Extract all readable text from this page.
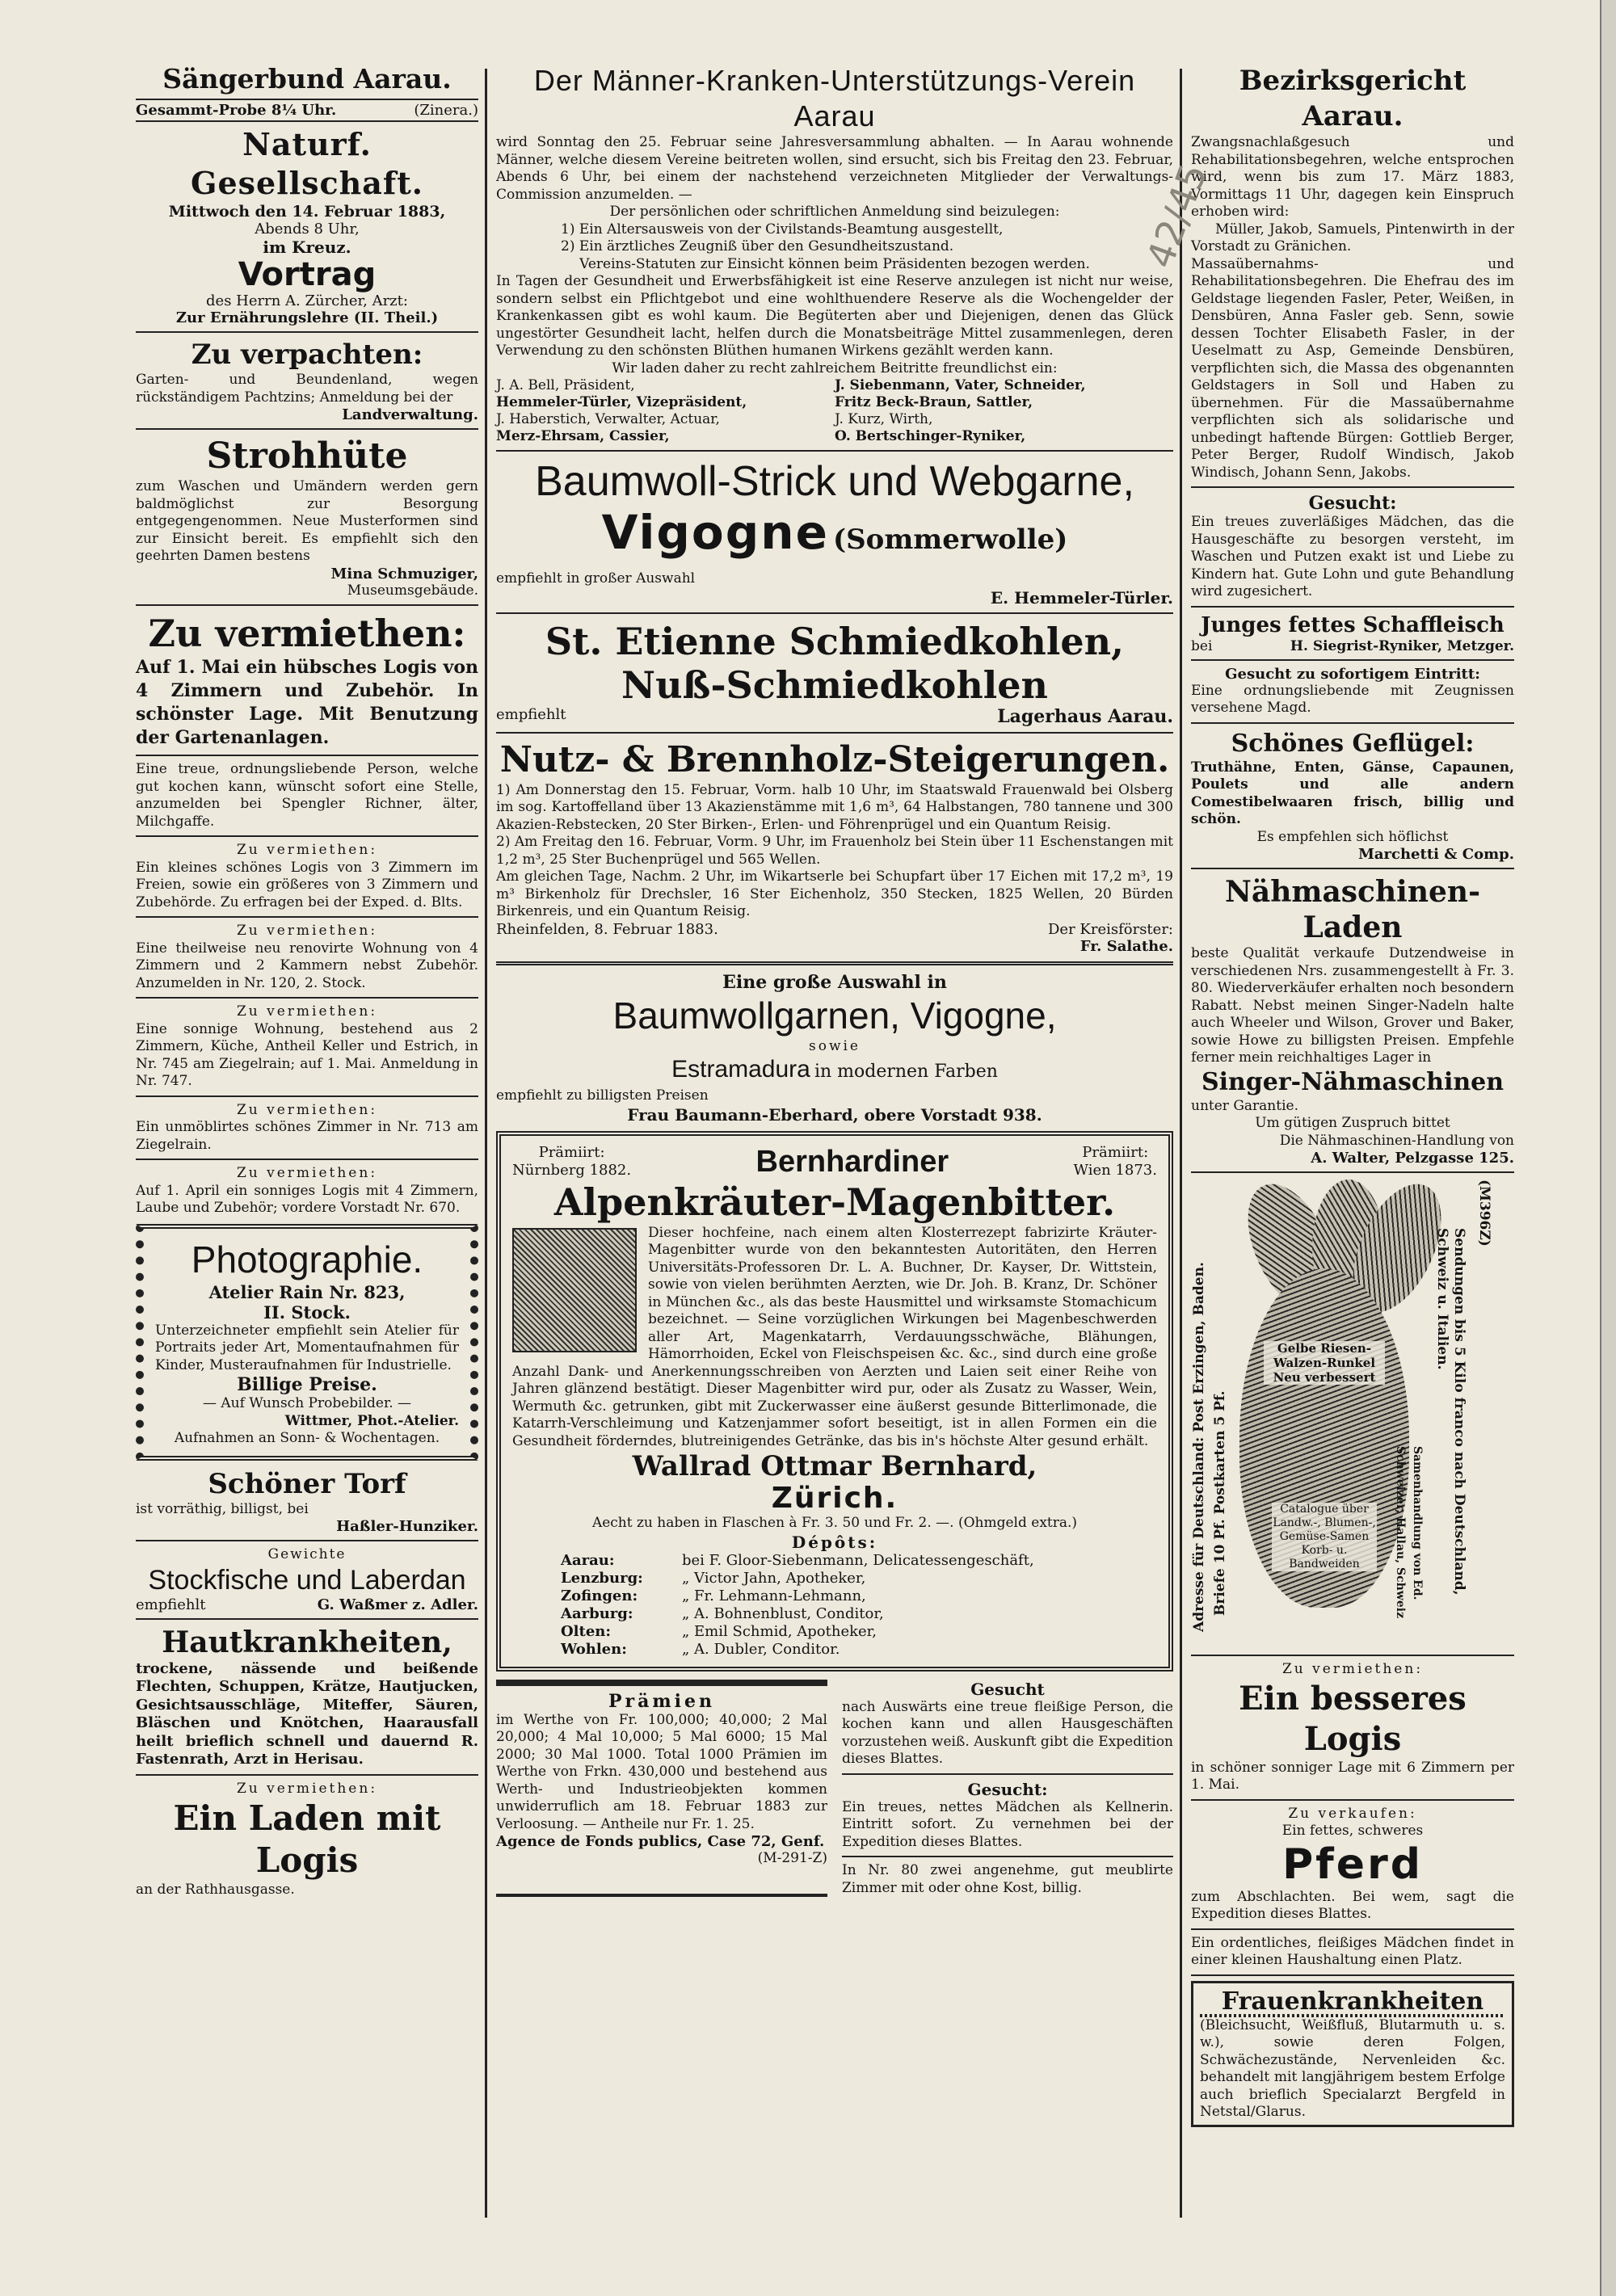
Sängerbund Aarau.
Gesammt-Probe 8¼ Uhr.	(Zinera.)
Naturf. Gesellschaft.
Mittwoch den 14. Februar 1883,
Abends 8 Uhr,
im Kreuz.
Vortrag
des Herrn A. Zürcher, Arzt:
Zur Ernährungslehre (II. Theil.)
Zu verpachten:

Garten- und Beundenland, wegen rückständigem Pachtzins; Anmeldung bei der

Landverwaltung.
Strohhüte

zum Waschen und Umändern werden gern baldmöglichst zur Besorgung entgegengenommen. Neue Musterformen sind zur Einsicht bereit. Es empfiehlt sich den geehrten Damen bestens

Mina Schmuziger,
Museumsgebäude.
Zu vermiethen:

Auf 1. Mai ein hübsches Logis von 4 Zimmern und Zubehör. In schönster Lage. Mit Benutzung der Gartenanlagen.

Eine treue, ordnungsliebende Person, welche gut kochen kann, wünscht sofort eine Stelle, anzumelden bei Spengler Richner, älter, Milchgaffe.

Zu vermiethen:

Ein kleines schönes Logis von 3 Zimmern im Freien, sowie ein größeres von 3 Zimmern und Zubehörde. Zu erfragen bei der Exped. d. Blts.

Zu vermiethen:

Eine theilweise neu renovirte Wohnung von 4 Zimmern und 2 Kammern nebst Zubehör. Anzumelden in Nr. 120, 2. Stock.

Zu vermiethen:

Eine sonnige Wohnung, bestehend aus 2 Zimmern, Küche, Antheil Keller und Estrich, in Nr. 745 am Ziegelrain; auf 1. Mai. Anmeldung in Nr. 747.

Zu vermiethen:

Ein unmöblirtes schönes Zimmer in Nr. 713 am Ziegelrain.

Zu vermiethen:

Auf 1. April ein sonniges Logis mit 4 Zimmern, Laube und Zubehör; vordere Vorstadt Nr. 670.

Photographie.
Atelier Rain Nr. 823,
II. Stock.

Unterzeichneter empfiehlt sein Atelier für Portraits jeder Art, Momentaufnahmen für Kinder, Musteraufnahmen für Industrielle.

Billige Preise.
— Auf Wunsch Probebilder. —
Wittmer, Phot.-Atelier.
Aufnahmen an Sonn- & Wochentagen.
Schöner Torf
ist vorräthig, billigst, bei
Haßler-Hunziker.
Gewichte
Stockfische und Laberdan
empfiehlt	G. Waßmer z. Adler.
Hautkrankheiten,

trockene, nässende und beißende Flechten, Schuppen, Krätze, Hautjucken, Gesichtsausschläge, Miteffer, Säuren, Bläschen und Knötchen, Haarausfall heilt brieflich schnell und dauernd R. Fastenrath, Arzt in Herisau.

Zu vermiethen:
Ein Laden mit Logis
an der Rathhausgasse.
Der Männer-Kranken-Unterstützungs-Verein Aarau

wird Sonntag den 25. Februar seine Jahresversammlung abhalten. — In Aarau wohnende Männer, welche diesem Vereine beitreten wollen, sind ersucht, sich bis Freitag den 23. Februar, Abends 6 Uhr, bei einem der nachstehend verzeichneten Mitglieder der Verwaltungs-Commission anzumelden. —

Der persönlichen oder schriftlichen Anmeldung sind beizulegen:

1) Ein Altersausweis von der Civilstands-Beamtung ausgestellt,

2) Ein ärztliches Zeugniß über den Gesundheitszustand.

Vereins-Statuten zur Einsicht können beim Präsidenten bezogen werden.

In Tagen der Gesundheit und Erwerbsfähigkeit ist eine Reserve anzulegen ist nicht nur weise, sondern selbst ein Pflichtgebot und eine wohlthuendere Reserve als die Wochengelder der Krankenkassen gibt es wohl kaum. Die Begüterten aber und Diejenigen, denen das Glück ungestörter Gesundheit lacht, helfen durch die Monatsbeiträge Mittel zusammenlegen, deren Verwendung zu den schönsten Blüthen humanen Wirkens gezählt werden kann.

Wir laden daher zu recht zahlreichem Beitritte freundlichst ein:

J. A. Bell, Präsident,	J. Siebenmann, Vater, Schneider,
Hemmeler-Türler, Vizepräsident,	Fritz Beck-Braun, Sattler,
J. Haberstich, Verwalter, Actuar,	J. Kurz, Wirth,
Merz-Ehrsam, Cassier,	O. Bertschinger-Ryniker,
Baumwoll-Strick und Webgarne,
Vigogne (Sommerwolle)
empfiehlt in großer Auswahl
E. Hemmeler-Türler.
St. Etienne Schmiedkohlen,
Nuß-Schmiedkohlen
empfiehlt	Lagerhaus Aarau.
Nutz- & Brennholz-Steigerungen.

1) Am Donnerstag den 15. Februar, Vorm. halb 10 Uhr, im Staatswald Frauenwald bei Olsberg im sog. Kartoffelland über 13 Akazienstämme mit 1,6 m³, 64 Halbstangen, 780 tannene und 300 Akazien-Rebstecken, 20 Ster Birken-, Erlen- und Föhrenprügel und ein Quantum Reisig.

2) Am Freitag den 16. Februar, Vorm. 9 Uhr, im Frauenholz bei Stein über 11 Eschenstangen mit 1,2 m³, 25 Ster Buchenprügel und 565 Wellen.

Am gleichen Tage, Nachm. 2 Uhr, im Wikartserle bei Schupfart über 17 Eichen mit 17,2 m³, 19 m³ Birkenholz für Drechsler, 16 Ster Eichenholz, 350 Stecken, 1825 Wellen, 20 Bürden Birkenreis, und ein Quantum Reisig.

Rheinfelden, 8. Februar 1883.	Der Kreisförster:
Fr. Salathe.
Eine große Auswahl in
Baumwollgarnen, Vigogne,
sowie
Estramadura in modernen Farben
empfiehlt zu billigsten Preisen
Frau Baumann-Eberhard, obere Vorstadt 938.
Prämiirt:
Nürnberg 1882.	Bernhardiner	Prämiirt:
Wien 1873.
Alpenkräuter-Magenbitter.

Dieser hochfeine, nach einem alten Klosterrezept fabrizirte Kräuter-Magenbitter wurde von den bekanntesten Autoritäten, den Herren Universitäts-Professoren Dr. L. A. Buchner, Dr. Kayser, Dr. Wittstein, sowie von vielen berühmten Aerzten, wie Dr. Joh. B. Kranz, Dr. Schöner in München &c., als das beste Hausmittel und wirksamste Stomachicum bezeichnet. — Seine vorzüglichen Wirkungen bei Magenbeschwerden aller Art, Magenkatarrh, Verdauungsschwäche, Blähungen, Hämorrhoiden, Eckel von Fleischspeisen &c. &c., sind durch eine große Anzahl Dank- und Anerkennungsschreiben von Aerzten und Laien seit einer Reihe von Jahren glänzend bestätigt. Dieser Magenbitter wird pur, oder als Zusatz zu Wasser, Wein, Wermuth &c. getrunken, gibt mit Zuckerwasser eine äußerst gesunde Bitterlimonade, die Katarrh-Verschleimung und Katzenjammer sofort beseitigt, ist in allen Formen ein die Gesundheit förderndes, blutreinigendes Getränke, das bis in's höchste Alter gesund erhält.

Wallrad Ottmar Bernhard,
Zürich.
Aecht zu haben in Flaschen à Fr. 3. 50 und Fr. 2. —. (Ohmgeld extra.)
Dépôts:
Aarau:	bei F. Gloor-Siebenmann, Delicatessengeschäft,
Lenzburg:	„ Victor Jahn, Apotheker,
Zofingen:	„ Fr. Lehmann-Lehmann,
Aarburg:	„ A. Bohnenblust, Conditor,
Olten:	„ Emil Schmid, Apotheker,
Wohlen:	„ A. Dubler, Conditor.
Prämien

im Werthe von Fr. 100,000; 40,000; 2 Mal 20,000; 4 Mal 10,000; 5 Mal 6000; 15 Mal 2000; 30 Mal 1000. Total 1000 Prämien im Werthe von Frkn. 430,000 und bestehend aus Werth- und Industrieobjekten kommen unwiderruflich am 18. Februar 1883 zur Verloosung. — Antheile nur Fr. 1. 25.

Agence de Fonds publics, Case 72, Genf.
(M-291-Z)
Gesucht

nach Auswärts eine treue fleißige Person, die kochen kann und allen Hausgeschäften vorzustehen weiß. Auskunft gibt die Expedition dieses Blattes.

Gesucht:

Ein treues, nettes Mädchen als Kellnerin. Eintritt sofort. Zu vernehmen bei der Expedition dieses Blattes.

In Nr. 80 zwei angenehme, gut meublirte Zimmer mit oder ohne Kost, billig.

Bezirksgericht Aarau.

Zwangsnachlaßgesuch und Rehabilitationsbegehren, welche entsprochen wird, wenn bis zum 17. März 1883, Vormittags 11 Uhr, dagegen kein Einspruch erhoben wird:

Müller, Jakob, Samuels, Pintenwirth in der Vorstadt zu Gränichen.

Massaübernahms- und Rehabilitationsbegehren. Die Ehefrau des im Geldstage liegenden Fasler, Peter, Weißen, in Densbüren, Anna Fasler geb. Senn, sowie dessen Tochter Elisabeth Fasler, in der Ueselmatt zu Asp, Gemeinde Densbüren, verpflichten sich, die Massa des obgenannten Geldstagers in Soll und Haben zu übernehmen. Für die Massaübernahme verpflichten sich als solidarische und unbedingt haftende Bürgen: Gottlieb Berger, Peter Berger, Rudolf Windisch, Jakob Windisch, Johann Senn, Jakobs.

Gesucht:

Ein treues zuverläßiges Mädchen, das die Hausgeschäfte zu besorgen versteht, im Waschen und Putzen exakt ist und Liebe zu Kindern hat. Gute Lohn und gute Behandlung wird zugesichert.

Junges fettes Schaffleisch
bei	H. Siegrist-Ryniker, Metzger.
Gesucht zu sofortigem Eintritt:

Eine ordnungsliebende mit Zeugnissen versehene Magd.

Schönes Geflügel:

Truthähne, Enten, Gänse, Capaunen, Poulets und alle andern Comestibelwaaren frisch, billig und schön.

Es empfehlen sich höflichst
Marchetti & Comp.
Nähmaschinen-Laden

beste Qualität verkaufe Dutzendweise in verschiedenen Nrs. zusammengestellt à Fr. 3. 80. Wiederverkäufer erhalten noch besondern Rabatt. Nebst meinen Singer-Nadeln halte auch Wheeler und Wilson, Grover und Baker, sowie Howe zu billigsten Preisen. Empfehle ferner mein reichhaltiges Lager in

Singer-Nähmaschinen
unter Garantie.
Um gütigen Zuspruch bittet
Die Nähmaschinen-Handlung von
A. Walter, Pelzgasse 125.
Gelbe Riesen-Walzen-Runkel
Neu verbessert
Catalogue über Landw.-, Blumen-, Gemüse-Samen
Korb- u. Bandweiden
Adresse für Deutschland: Post Erzingen, Baden. Briefe 10 Pf. Postkarten 5 Pf.	Sendungen bis 5 Kilo franco nach Deutschland, Schweiz u. Italien.
Samenhandlung von Ed. Schweizer, Hallau, Schweiz
(M396Z)
Zu vermiethen:
Ein besseres Logis

in schöner sonniger Lage mit 6 Zimmern per 1. Mai.

Zu verkaufen:
Ein fettes, schweres
Pferd

zum Abschlachten. Bei wem, sagt die Expedition dieses Blattes.

Ein ordentliches, fleißiges Mädchen findet in einer kleinen Haushaltung einen Platz.

Frauenkrankheiten

(Bleichsucht, Weißfluß, Blutarmuth u. s. w.), sowie deren Folgen, Schwächezustände, Nervenleiden &c. behandelt mit langjährigem bestem Erfolge auch brieflich Specialarzt Bergfeld in Netstal/Glarus.

42/45
